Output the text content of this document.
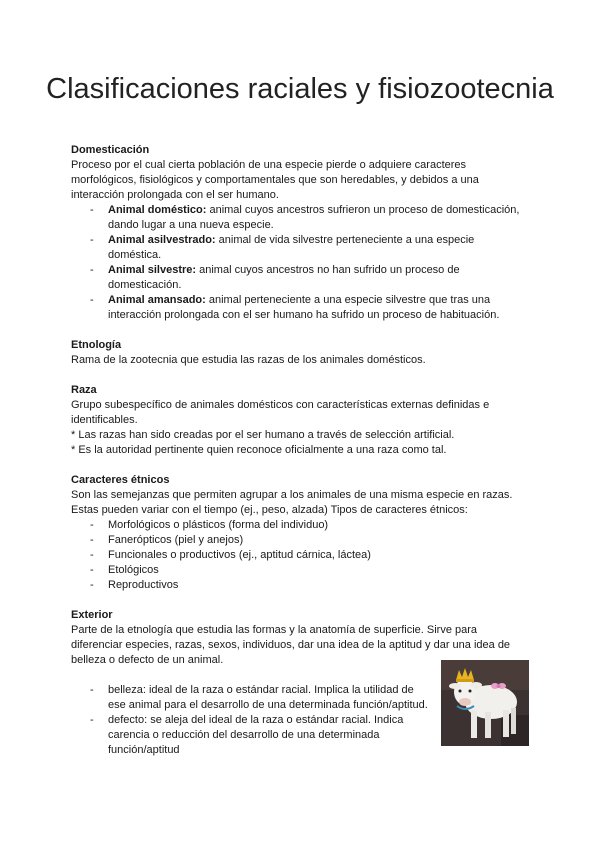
Clasificaciones raciales y fisiozootecnia

Domesticación

Proceso por el cual cierta población de una especie pierde o adquiere caracteres morfológicos, fisiológicos y comportamentales que son heredables, y debidos a una interacción prolongada con el ser humano.

- Animal doméstico: animal cuyos ancestros sufrieron un proceso de domesticación, dando lugar a una nueva especie.
- Animal asilvestrado: animal de vida silvestre perteneciente a una especie doméstica.
- Animal silvestre: animal cuyos ancestros no han sufrido un proceso de domesticación.
- Animal amansado: animal perteneciente a una especie silvestre que tras una interacción prolongada con el ser humano ha sufrido un proceso de habituación.

Etnología

Rama de la zootecnia que estudia las razas de los animales domésticos.

Raza

Grupo subespecífico de animales domésticos con características externas definidas e identificables.

* Las razas han sido creadas por el ser humano a través de selección artificial.

* Es la autoridad pertinente quien reconoce oficialmente a una raza como tal.

Caracteres étnicos

Son las semejanzas que permiten agrupar a los animales de una misma especie en razas. Estas pueden variar con el tiempo (ej., peso, alzada) Tipos de caracteres étnicos:

- Morfológicos o plásticos (forma del individuo)
- Fanerópticos (piel y anejos)
- Funcionales o productivos (ej., aptitud cárnica, láctea)
- Etológicos
- Reproductivos

Exterior

Parte de la etnología que estudia las formas y la anatomía de superficie. Sirve para diferenciar especies, razas, sexos, individuos, dar una idea de la aptitud y dar una idea de belleza o defecto de un animal.

- belleza: ideal de la raza o estándar racial. Implica la utilidad de ese animal para el desarrollo de una determinada función/aptitud.
- defecto: se aleja del ideal de la raza o estándar racial. Indica carencia o reducción del desarrollo de una determinada función/aptitud
